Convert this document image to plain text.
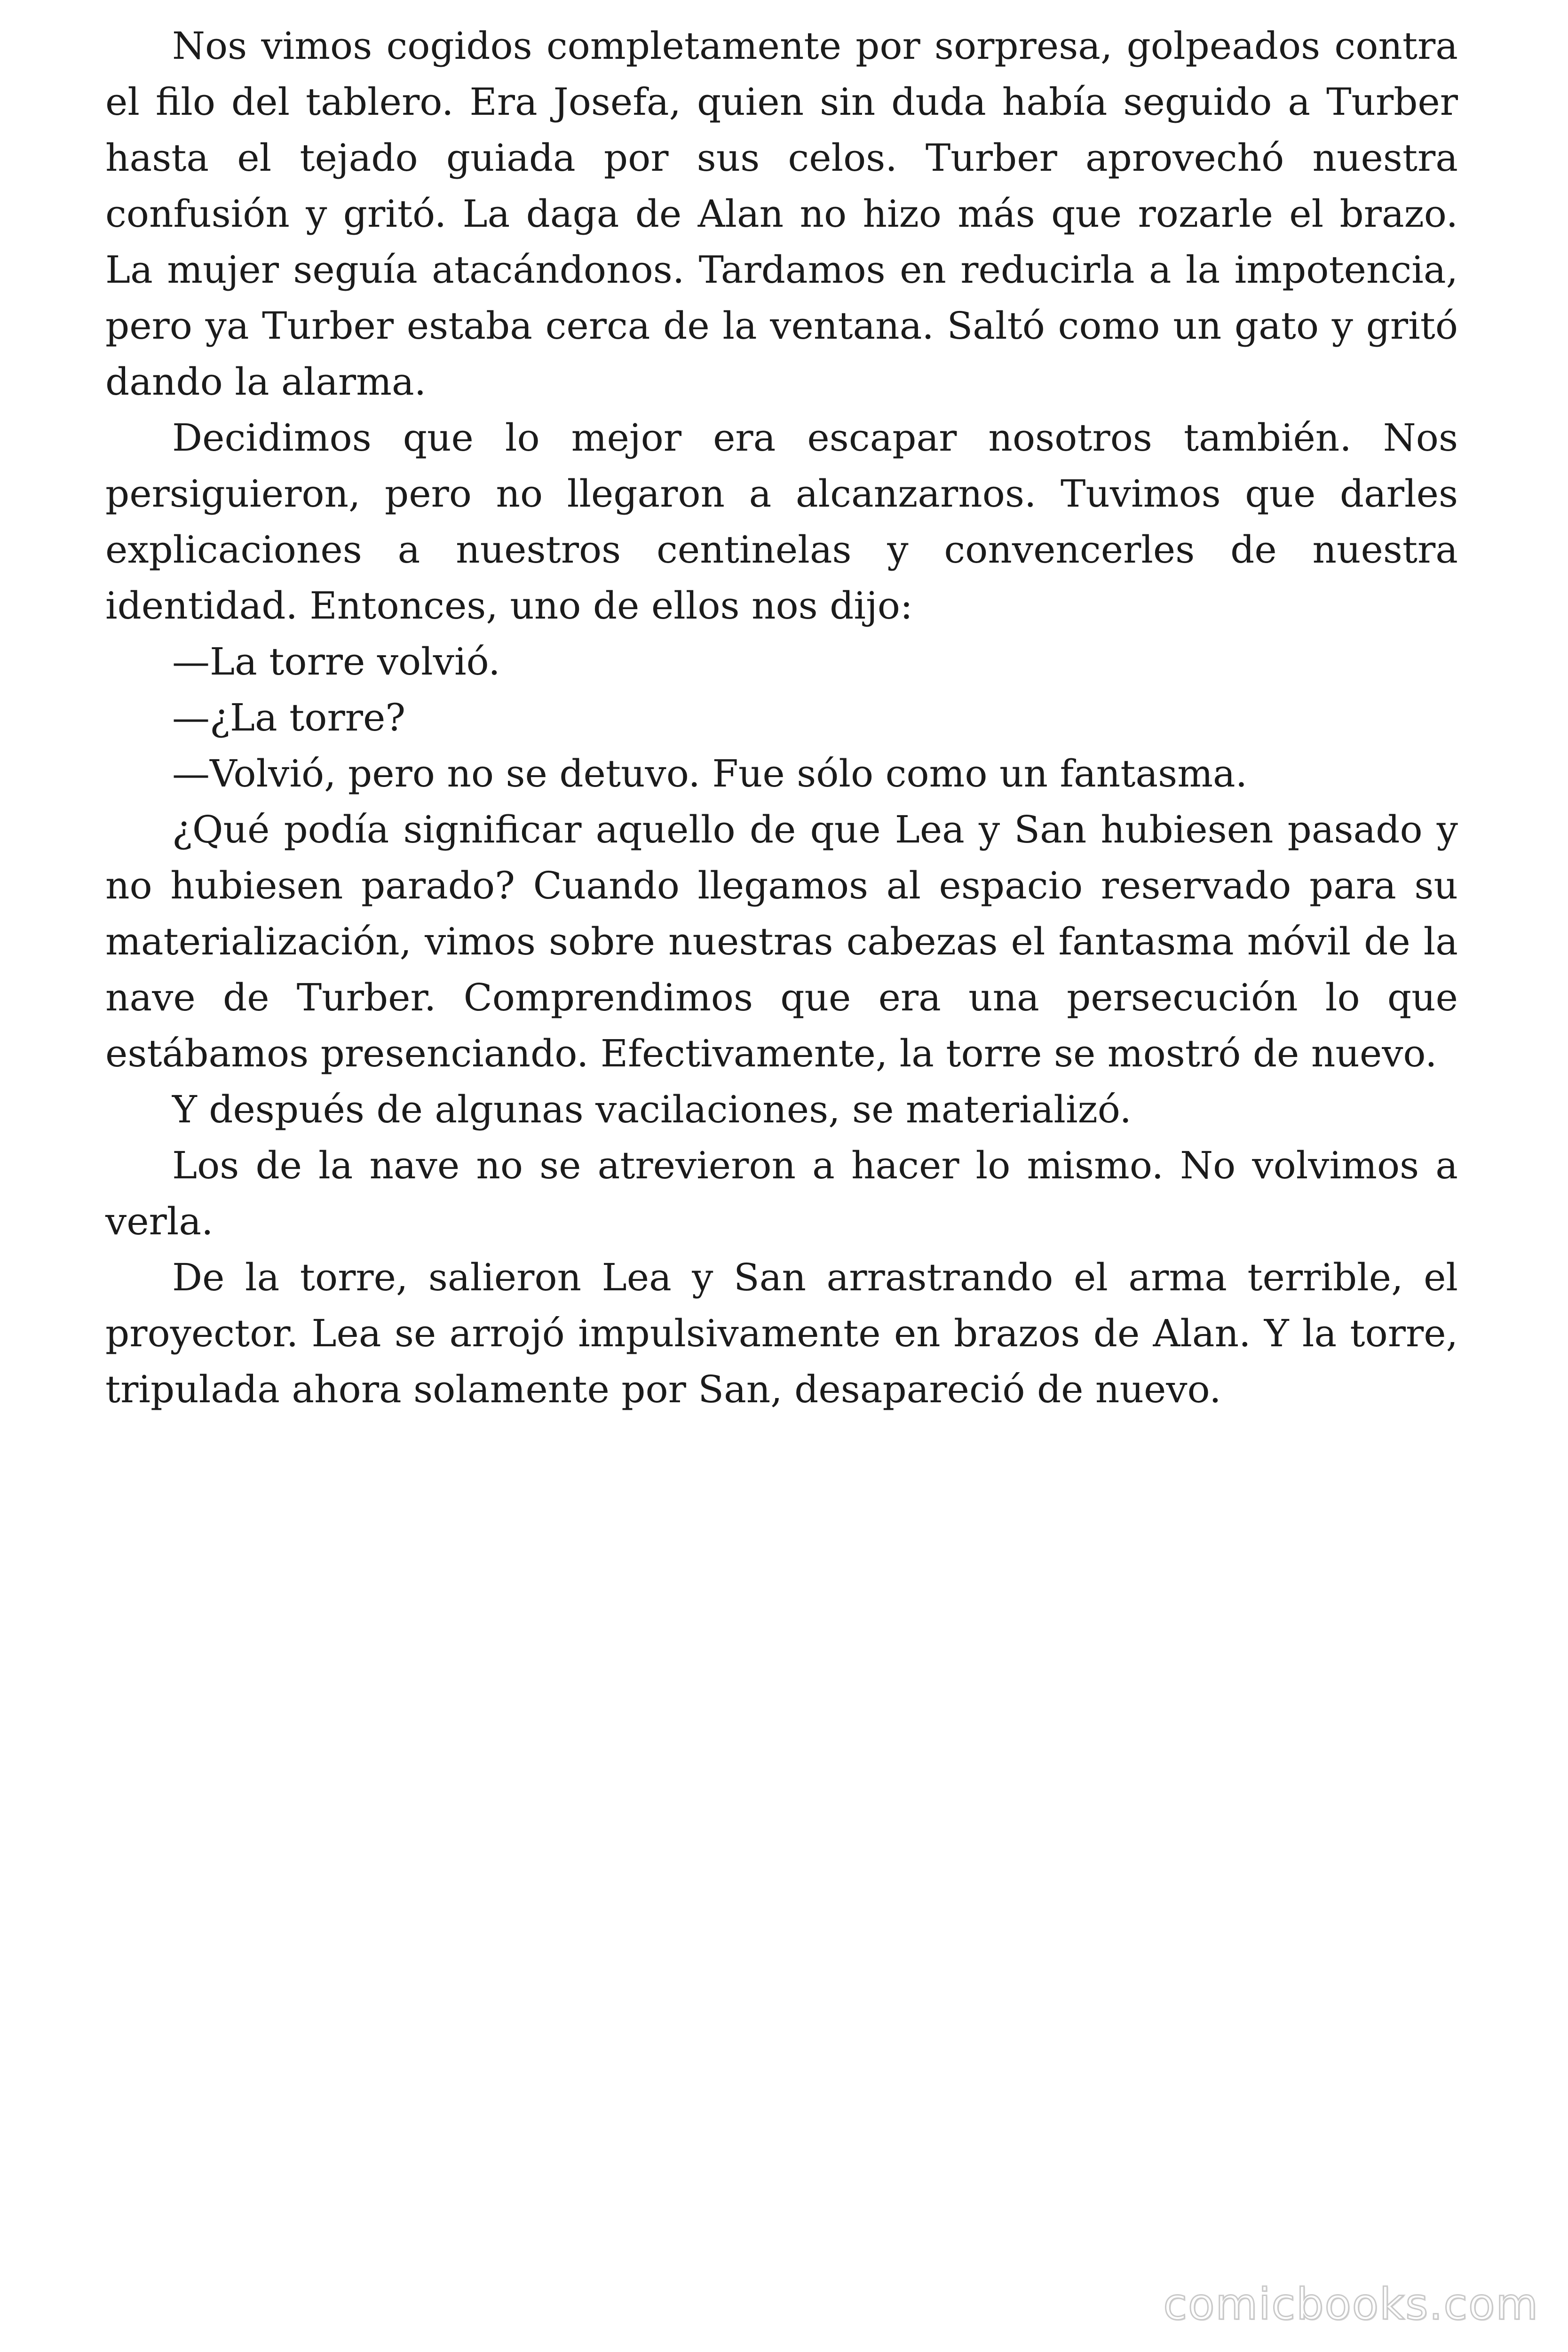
Nos vimos cogidos completamente por sorpresa, golpeados contra el filo del tablero. Era Josefa, quien sin duda había seguido a Turber hasta el tejado guiada por sus celos. Turber aprovechó nuestra confusión y gritó. La daga de Alan no hizo más que rozarle el brazo. La mujer seguía atacándonos. Tardamos en reducirla a la impotencia, pero ya Turber estaba cerca de la ventana. Saltó como un gato y gritó dando la alarma.

Decidimos que lo mejor era escapar nosotros también. Nos persiguieron, pero no llegaron a alcanzarnos. Tuvimos que darles explicaciones a nuestros centinelas y convencerles de nuestra identidad. Entonces, uno de ellos nos dijo:

—La torre volvió.

—¿La torre?

—Volvió, pero no se detuvo. Fue sólo como un fantasma.

¿Qué podía significar aquello de que Lea y San hubiesen pasado y no hubiesen parado? Cuando llegamos al espacio reservado para su materialización, vimos sobre nuestras cabezas el fantasma móvil de la nave de Turber. Comprendimos que era una persecución lo que estábamos presenciando. Efectivamente, la torre se mostró de nuevo.

Y después de algunas vacilaciones, se materializó.

Los de la nave no se atrevieron a hacer lo mismo. No volvimos a verla.

De la torre, salieron Lea y San arrastrando el arma terrible, el proyector. Lea se arrojó impulsivamente en brazos de Alan. Y la torre, tripulada ahora solamente por San, desapareció de nuevo.

comicbooks.com
